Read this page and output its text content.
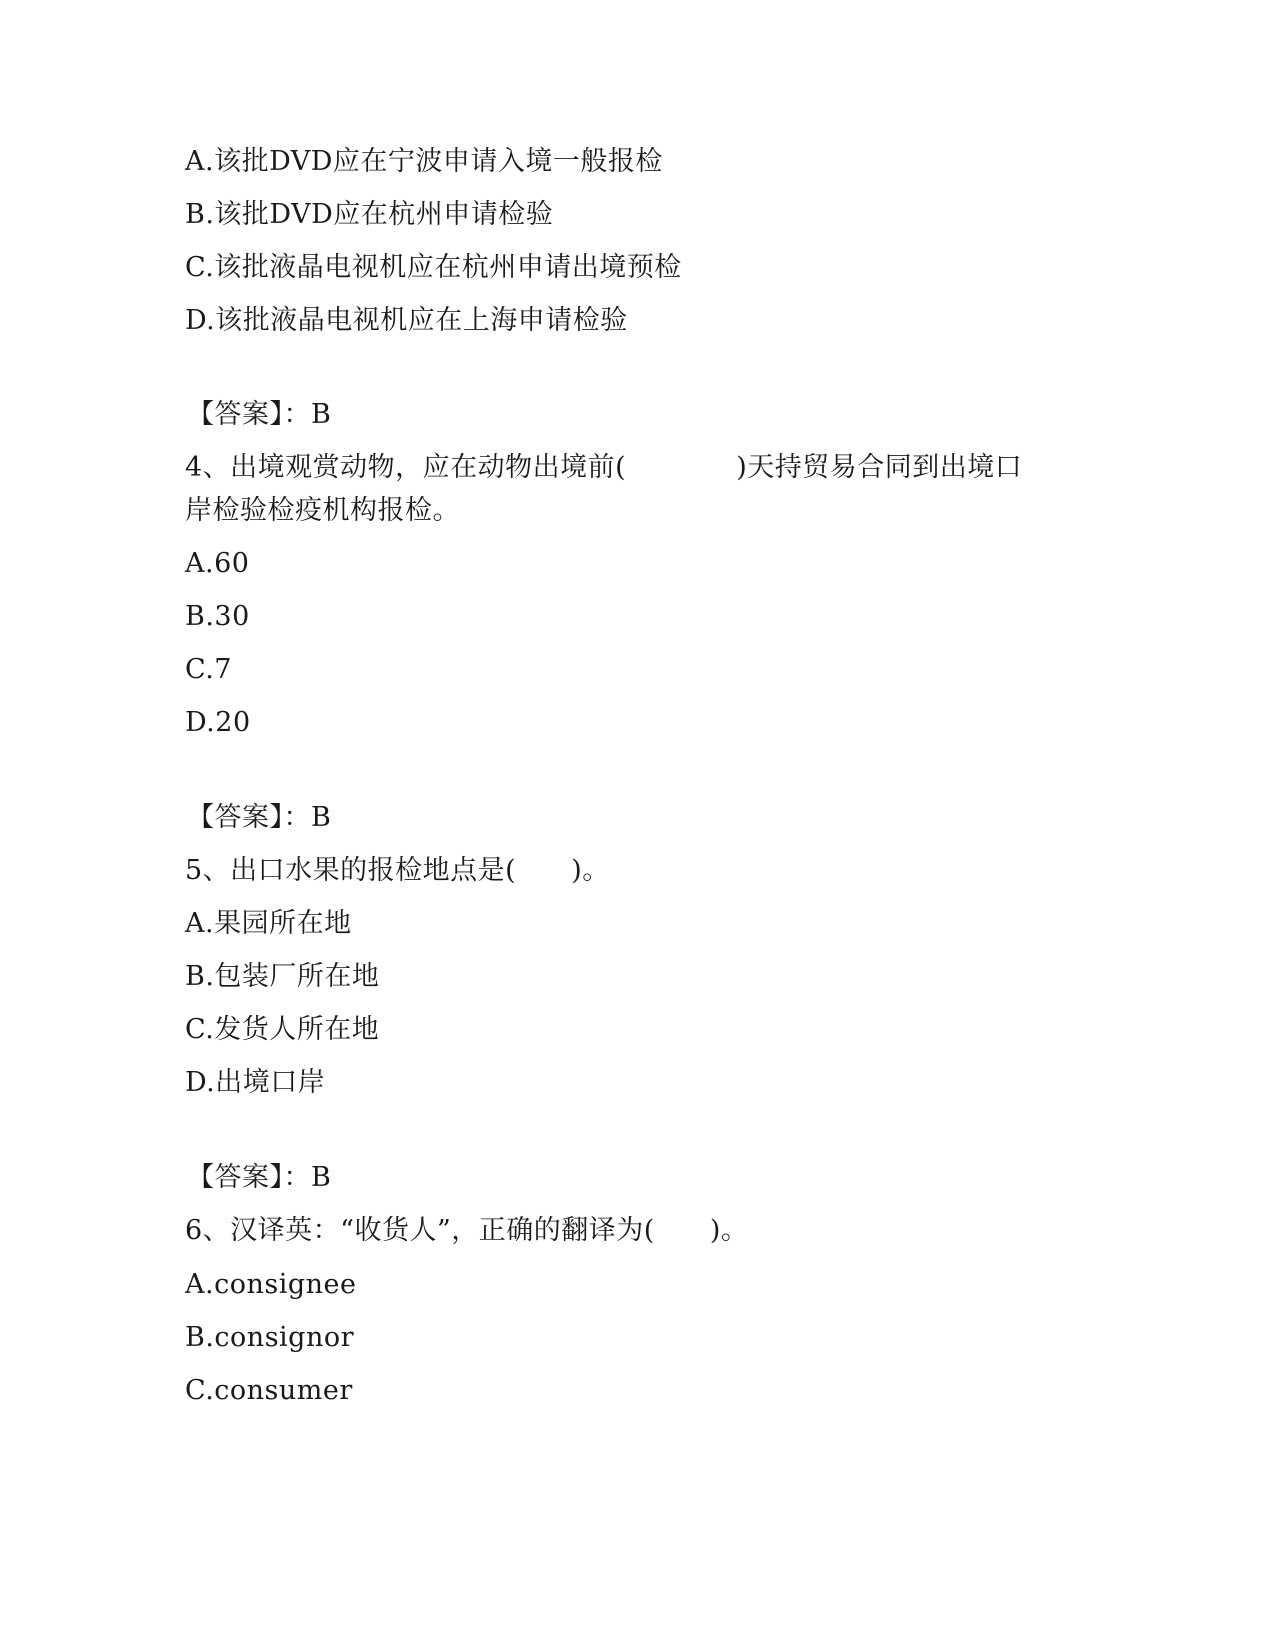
A.该批DVD应在宁波申请入境一般报检
B.该批DVD应在杭州申请检验
C.该批液晶电视机应在杭州申请出境预检
D.该批液晶电视机应在上海申请检验
【答案】：B
4、出境观赏动物，应在动物出境前(　　　　)天持贸易合同到出境口
岸检验检疫机构报检。
A.60
B.30
C.7
D.20
【答案】：B
5、出口水果的报检地点是(　　)。
A.果园所在地
B.包装厂所在地
C.发货人所在地
D.出境口岸
【答案】：B
6、汉译英：“收货人”，正确的翻译为(　　)。
A.consignee
B.consignor
C.consumer
